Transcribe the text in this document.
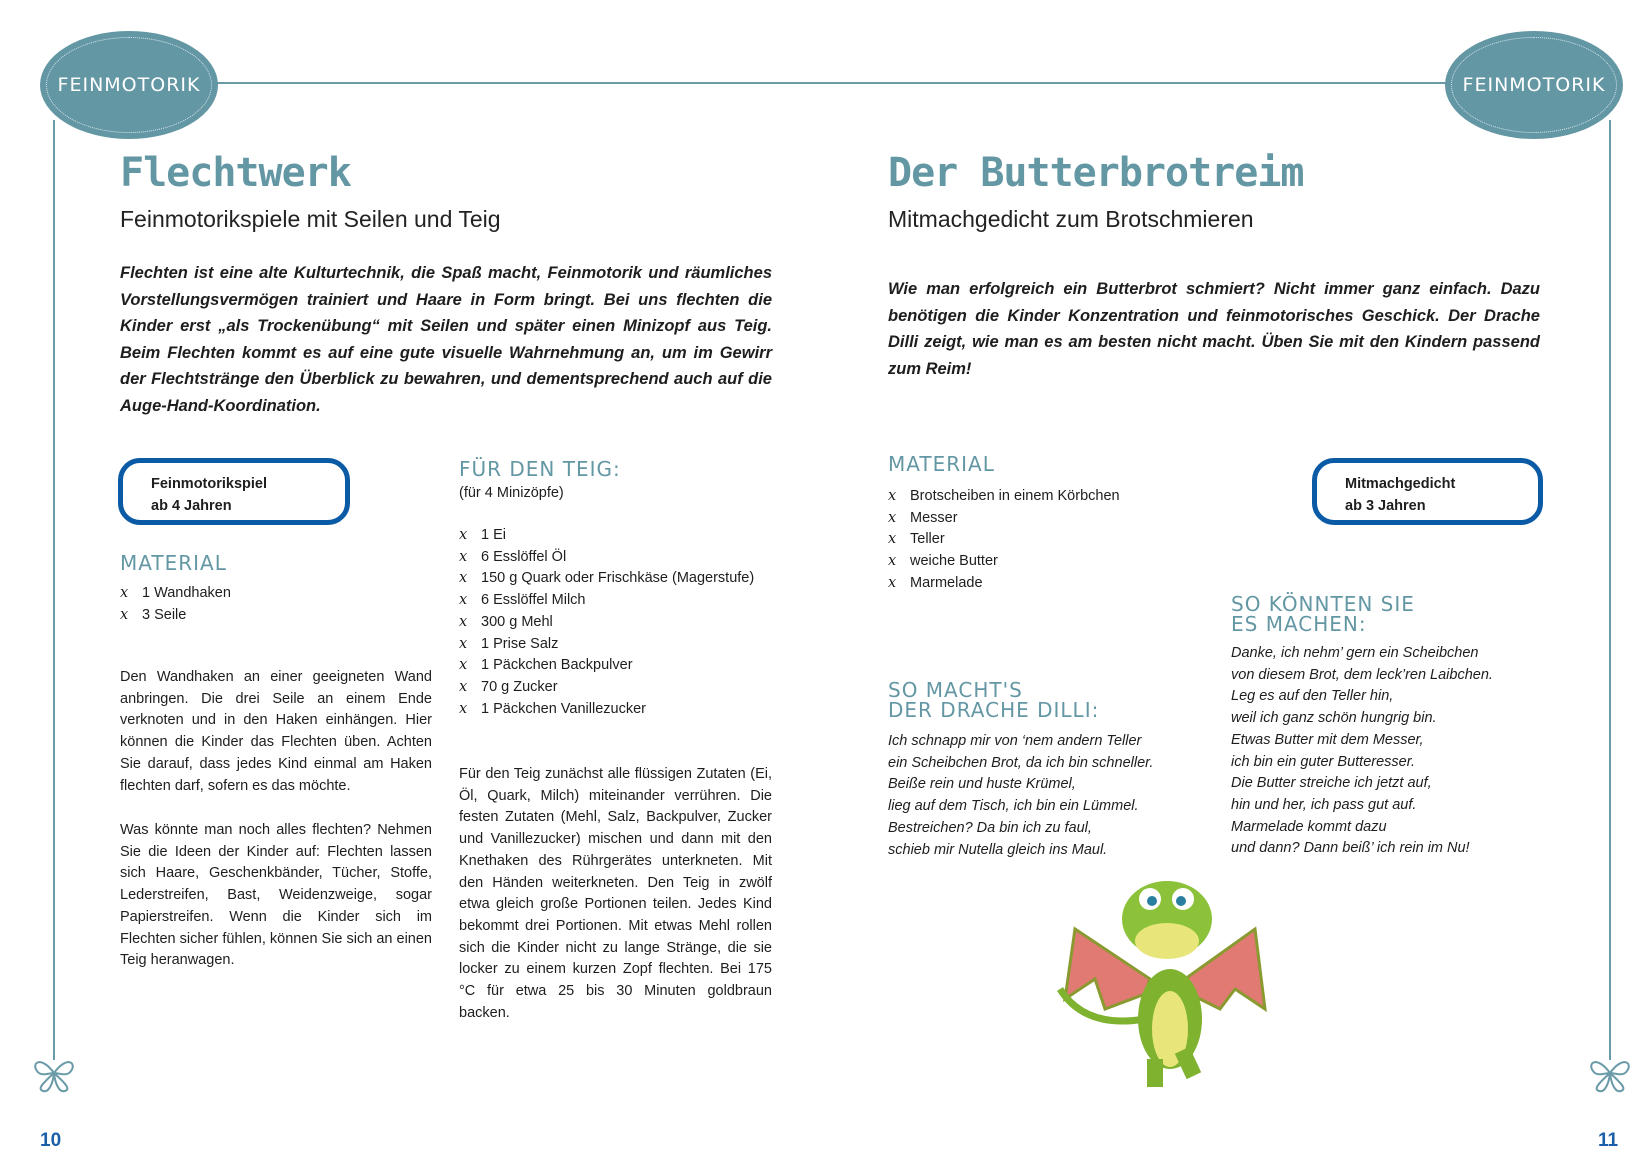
FEINMOTORIK	FEINMOTORIK
Flechtwerk
Feinmotorikspiele mit Seilen und Teig
Flechten ist eine alte Kulturtechnik, die Spaß macht, Feinmotorik und räumliches Vorstellungsvermögen trainiert und Haare in Form bringt. Bei uns flechten die Kinder erst „als Trockenübung“ mit Seilen und später einen Minizopf aus Teig. Beim Flechten kommt es auf eine gute visuelle Wahrnehmung an, um im Gewirr der Flechtstränge den Überblick zu bewahren, und dementsprechend auch auf die Auge-Hand-Koordination.
Feinmotorikspiel
ab 4 Jahren
MATERIAL
x 1 Wandhaken
x 3 Seile

Den Wandhaken an einer geeigneten Wand anbringen. Die drei Seile an einem Ende verknoten und in den Haken einhängen. Hier können die Kinder das Flechten üben. Achten Sie darauf, dass jedes Kind einmal am Haken flechten darf, sofern es das möchte.

Was könnte man noch alles flechten? Nehmen Sie die Ideen der Kinder auf: Flechten lassen sich Haare, Geschenkbänder, Tücher, Stoffe, Lederstreifen, Bast, Weidenzweige, sogar Papierstreifen. Wenn die Kinder sich im Flechten sicher fühlen, können Sie sich an einen Teig heranwagen.

FÜR DEN TEIG:
(für 4 Minizöpfe)
x 1 Ei
x 6 Esslöffel Öl
x 150 g Quark oder Frischkäse (Magerstufe)
x 6 Esslöffel Milch
x 300 g Mehl
x 1 Prise Salz
x 1 Päckchen Backpulver
x 70 g Zucker
x 1 Päckchen Vanillezucker

Für den Teig zunächst alle flüssigen Zutaten (Ei, Öl, Quark, Milch) miteinander verrühren. Die festen Zutaten (Mehl, Salz, Backpulver, Zucker und Vanillezucker) mischen und dann mit den Knethaken des Rührgerätes unterkneten. Mit den Händen weiterkneten. Den Teig in zwölf etwa gleich große Portionen teilen. Jedes Kind bekommt drei Portionen. Mit etwas Mehl rollen sich die Kinder nicht zu lange Stränge, die sie locker zu einem kurzen Zopf flechten. Bei 175 °C für etwa 25 bis 30 Minuten goldbraun backen.

Der Butterbrotreim
Mitmachgedicht zum Brotschmieren
Wie man erfolgreich ein Butterbrot schmiert? Nicht immer ganz einfach. Dazu benötigen die Kinder Konzentration und feinmotorisches Geschick. Der Drache Dilli zeigt, wie man es am besten nicht macht. Üben Sie mit den Kindern passend zum Reim!
MATERIAL
x Brotscheiben in einem Körbchen
x Messer
x Teller
x weiche Butter
x Marmelade
Mitmachgedicht
ab 3 Jahren
SO MACHT'S
DER DRACHE DILLI:
Ich schnapp mir von ‘nem andern Teller
ein Scheibchen Brot, da ich bin schneller.
Beiße rein und huste Krümel,
lieg auf dem Tisch, ich bin ein Lümmel.
Bestreichen? Da bin ich zu faul,
schieb mir Nutella gleich ins Maul.
SO KÖNNTEN SIE
ES MACHEN:
Danke, ich nehm’ gern ein Scheibchen
von diesem Brot, dem leck’ren Laibchen.
Leg es auf den Teller hin,
weil ich ganz schön hungrig bin.
Etwas Butter mit dem Messer,
ich bin ein guter Butteresser.
Die Butter streiche ich jetzt auf,
hin und her, ich pass gut auf.
Marmelade kommt dazu
und dann? Dann beiß’ ich rein im Nu!
10	11
